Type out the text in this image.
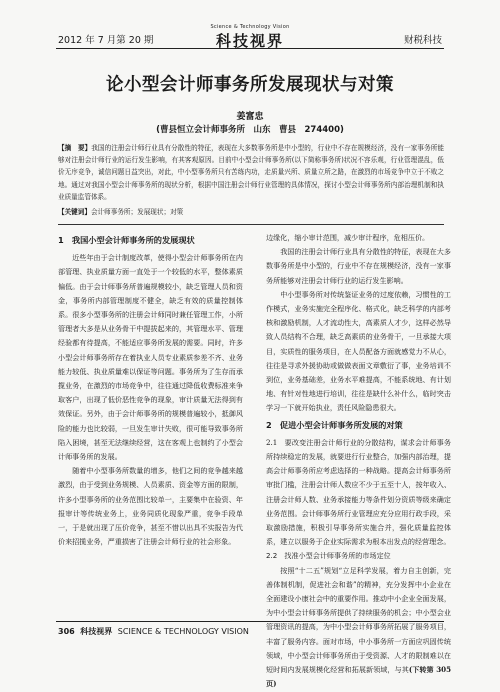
2012 年 7 月第 20 期
Science & Technology Vision
科技视界	财税科技
论小型会计师事务所发展现状与对策
姜富忠
(曹县恒立会计师事务所　山东　曹县　274400)
【摘　要】我国的注册会计师行业具有分散性的特征，表现在大多数事务所是中小型的，行业中不存在规模经济，没有一家事务所能够对注册会计师行业的运行发生影响，有其客观原因。目前中小型会计师事务所(以下简称事务所)状况不容乐观，行业管理混乱，低价无序竞争，诚信问题日益突出，对此，中小型事务所只有苦练内功，走质量兴所、质量立所之路，在激烈的市场竞争中立于不败之地。通过对我国小型会计师事务所的现状分析，根据中国注册会计师行业管理的具体情况，探讨小型会计师事务所内部治理机制和执业质量监管体系。
【关键词】会计师事务所；发展现状；对策
1　我国小型会计师事务所的发展现状

近些年由于会计制度改革，使得小型会计师事务所在内部管理、执业质量方面一直处于一个较低的水平，整体素质偏低。由于会计师事务所普遍规模较小，缺乏管理人员和资金，事务所内部管理制度不健全，缺乏有效的质量控制体系。很多小型事务所的注册会计师同时兼任管理工作，小所管理者大多是从业务骨干中提拔起来的，其管理水平、管理经验都有待提高，不能适应事务所发展的需要。同时，许多小型会计师事务所存在着执业人员专业素质参差不齐、业务能力较低、执业质量难以保证等问题。事务所为了生存而承揽业务，在激烈的市场竞争中，往往通过降低收费标准来争取客户，出现了低价恶性竞争的现象，审计质量无法得到有效保证。另外，由于会计师事务所的规模普遍较小，抵御风险的能力也比较弱，一旦发生审计失败，很可能导致事务所陷入困境，甚至无法继续经营，这在客观上也制约了小型会计师事务所的发展。

随着中小型事务所数量的增多，他们之间的竞争越来越激烈，由于受到业务规模、人员素质、资金等方面的限制，许多小型事务所的业务范围比较单一，主要集中在验资、年报审计等传统业务上，业务同质化现象严重，竞争手段单一，于是就出现了压价竞争，甚至不惜以出具不实报告为代价来招揽业务，严重损害了注册会计师行业的社会形象。

边缘化，缩小审计范围，减少审计程序，危相压价。

我国的注册会计师行业具有分散性的特征，表现在大多数事务所是中小型的，行业中不存在规模经济，没有一家事务所能够对注册会计师行业的运行发生影响。

中小型事务所对传统鉴证业务的过度依赖，习惯性的工作模式，业务实施完全程序化、格式化，缺乏科学的内部考核和激励机制，人才流动性大，高素质人才少，这样必然导致人员结构不合理，缺乏高素质的业务骨干，一旦承接大项目，实质性的服务项目，在人员配备方面就感觉力不从心，往往是寻求外援协助或做做表面文章敷衍了事，业务培训不到位，业务基础差，业务水平难提高，不能系统地、有计划地、有针对性地进行培训，往往是缺什么补什么，临时突击学习一下就开始执业，责任风险隐患很大。

2　促进小型会计师事务所发展的对策

2.1　要改变注册会计师行业的分散结构，谋求会计师事务所持续稳定的发展，就要进行行业整合，加强内部治理，提高会计师事务所应考虑选择的一种战略。提高会计师事务所审批门槛，注册会计师人数应不少于五至十人，按年收入、注册会计师人数、业务承接能力等条件划分资质等级来确定业务范围。会计师事务所行业管理应充分应用行政手段，采取激励措施，积极引导事务所实施合并，强化质量监控体系，建立以服务于企业实际需求为根本出发点的经营理念。

2.2　找准小型会计师事务所的市场定位

按照“十二五”规划“立足科学发展，着力自主创新，完善体制机制，促进社会和谐”的精神，充分发挥中小企业在全面建设小康社会中的重要作用。推动中小企业全面发展，为中小型会计师事务所提供了持续服务的机会；中小型会业管理资讯的提高，为中小型会计师事务所拓展了服务项目，丰富了服务内容。面对市场，中小事务所一方面应巩固传统领域，中小型会计师事务所由于受资源、人才的限制难以在短时间内发展规模化经营和拓展新领域，与其(下转第 305 页)

306 科技视界 SCIENCE & TECHNOLOGY VISION
